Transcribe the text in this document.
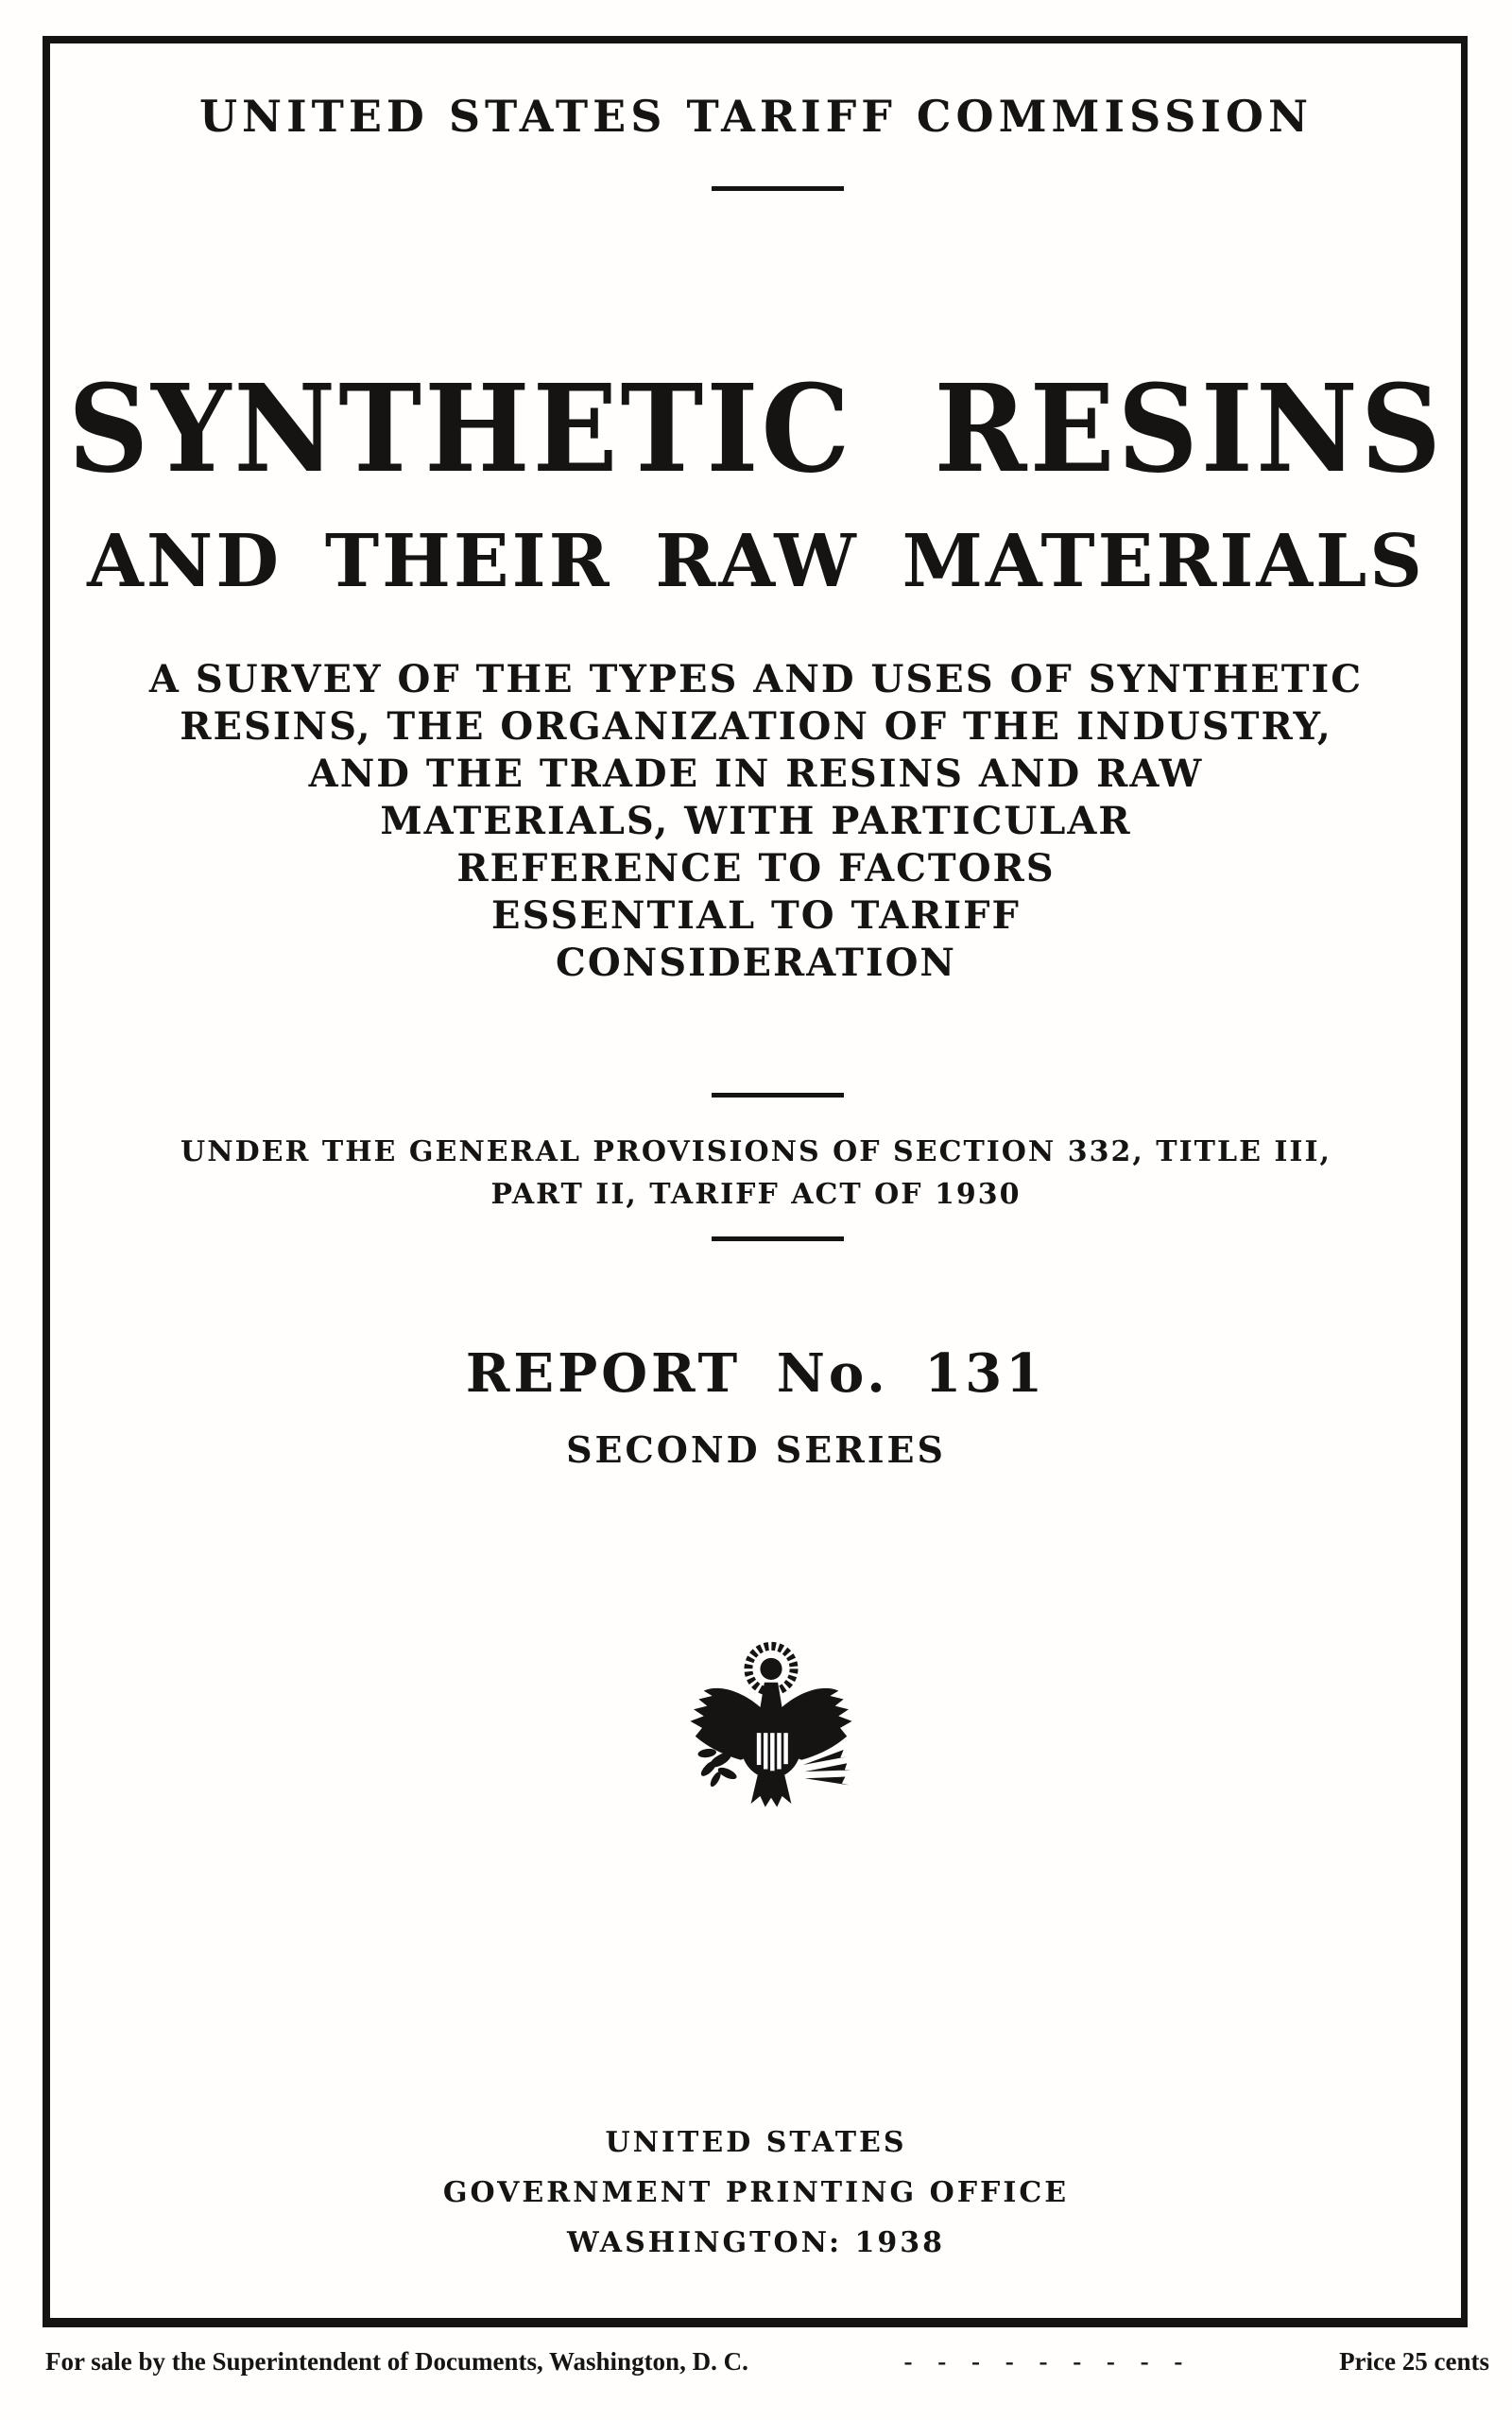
UNITED STATES TARIFF COMMISSION
SYNTHETIC RESINS
AND THEIR RAW MATERIALS
A SURVEY OF THE TYPES AND USES OF SYNTHETIC
RESINS, THE ORGANIZATION OF THE INDUSTRY,
AND THE TRADE IN RESINS AND RAW
MATERIALS, WITH PARTICULAR
REFERENCE TO FACTORS
ESSENTIAL TO TARIFF
CONSIDERATION
UNDER THE GENERAL PROVISIONS OF SECTION 332, TITLE III,
PART II, TARIFF ACT OF 1930
REPORT No. 131
SECOND SERIES
UNITED STATES
GOVERNMENT PRINTING OFFICE
WASHINGTON: 1938
For sale by the Superintendent of Documents, Washington, D. C.	- - - - - - - - -	Price 25 cents
